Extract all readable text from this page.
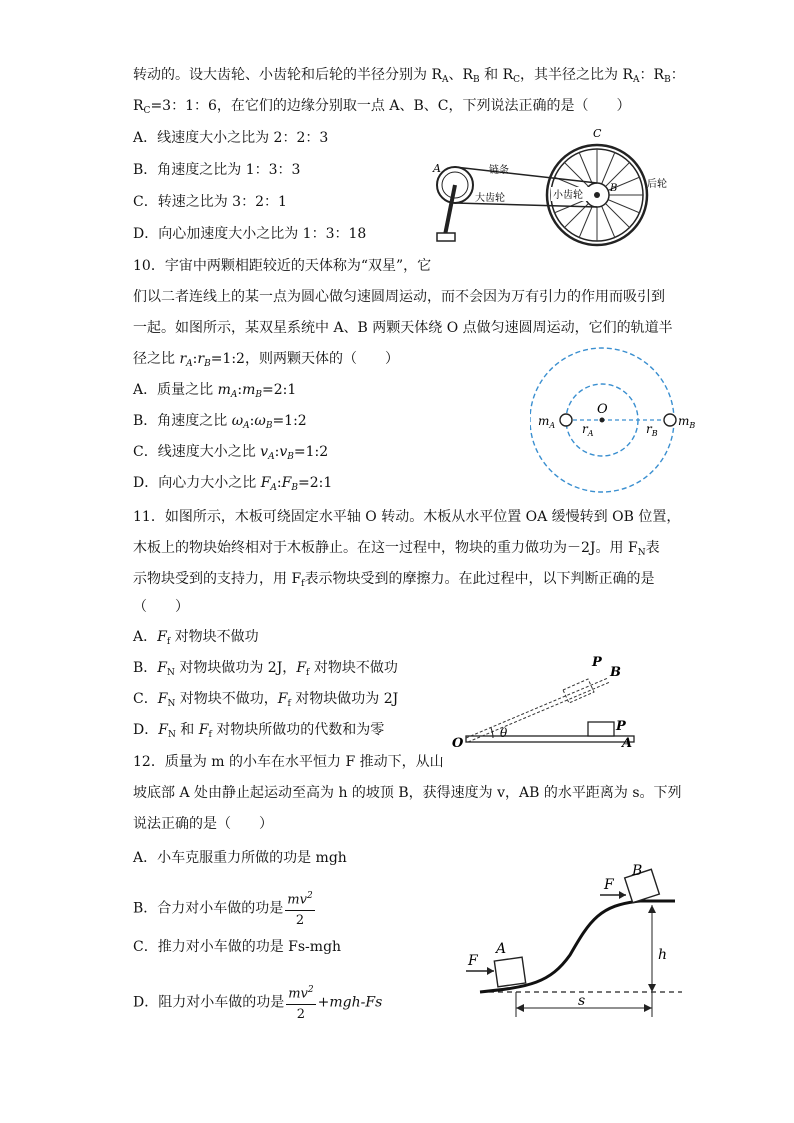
转动的。设大齿轮、小齿轮和后轮的半径分别为 $R_A$、$R_B$ 和 $R_C$，其半径之比为 $R_A$：$R_B$：
$R_C=3$：1：6，在它们的边缘分别取一点 A、B、C，下列说法正确的是（　　）
A．线速度大小之比为 2：2：3
B．角速度之比为 1：3：3
C．转速之比为 3：2：1
D．向心加速度大小之比为 1：3：18
A
C
B
链条
大齿轮	小齿轮
后轮
10．宇宙中两颗相距较近的天体称为“双星”，它
们以二者连线上的某一点为圆心做匀速圆周运动，而不会因为万有引力的作用而吸引到
一起。如图所示，某双星系统中 A、B 两颗天体绕 O 点做匀速圆周运动，它们的轨道半
径之比 $r_A:r_B=1:2$，则两颗天体的（　　）
A．质量之比 $m_A:m_B=2:1$
B．角速度之比 $\omega_A:\omega_B=1:2$
C．线速度大小之比 $v_A:v_B=1:2$
D．向心力大小之比 $F_A:F_B=2:1$
O
$m_A$	$m_B$
$r_A$	$r_B$
11．如图所示，木板可绕固定水平轴 O 转动。木板从水平位置 OA 缓慢转到 OB 位置，
木板上的物块始终相对于木板静止。在这一过程中，物块的重力做功为－2J。用 $F_N$表
示物块受到的支持力，用 $F_f$表示物块受到的摩擦力。在此过程中，以下判断正确的是
（　　）
A．$F_f$ 对物块不做功
B．$F_N$ 对物块做功为 2J，$F_f$ 对物块不做功
C．$F_N$ 对物块不做功，$F_f$ 对物块做功为 2J
D．$F_N$ 和 $F_f$ 对物块所做功的代数和为零
O
θ
A
B
P
P
12．质量为 m 的小车在水平恒力 F 推动下，从山
坡底部 A 处由静止起运动至高为 h 的坡顶 B，获得速度为 v，AB 的水平距离为 s。下列
说法正确的是（　　）
A．小车克服重力所做的功是 mgh
B．合力对小车做的功是 $\frac{mv^2}{2}$
C．推力对小车做的功是 Fs-mgh
D．阻力对小车做的功是 $\frac{mv^2}{2} +mgh-Fs$
A
B
F
F
h
s
